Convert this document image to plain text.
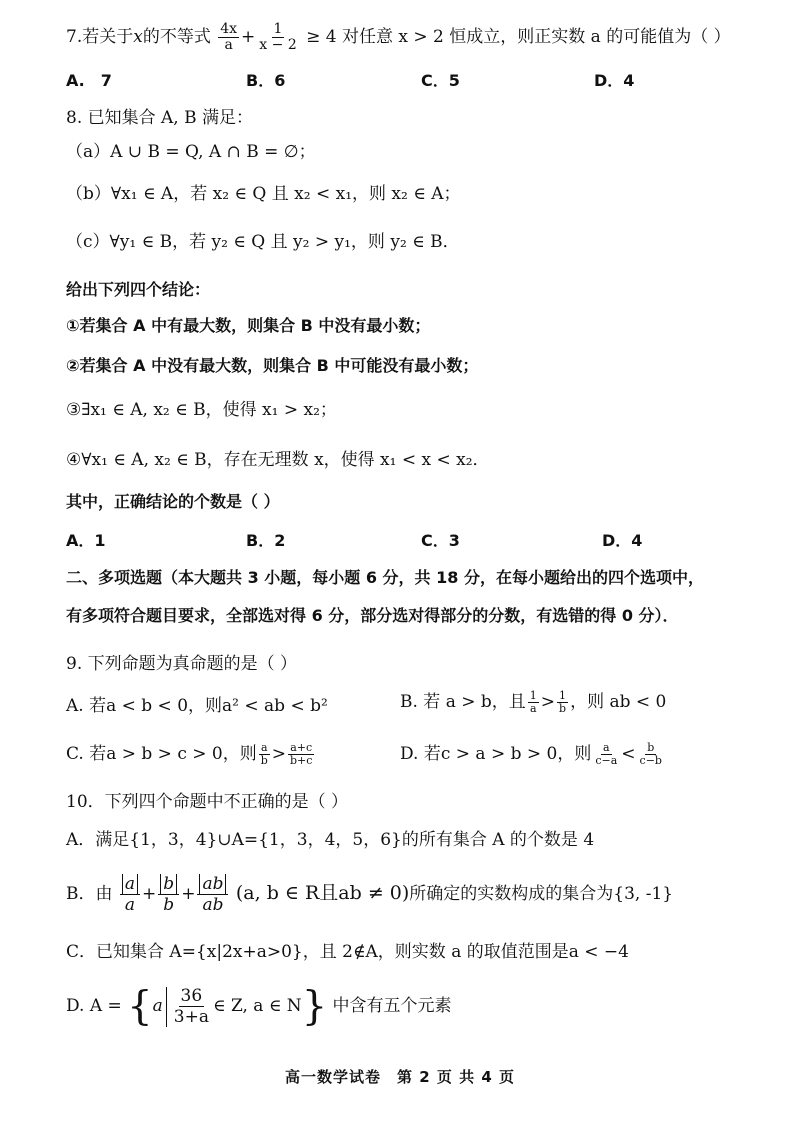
7.若关于x的不等式 $\frac{4x}{a} + \frac{1}{x - 2} \ge 4$ 对任意 x > 2 恒成立，则正实数 a 的可能值为（ ）
A.　7	B．6	C．5	D．4
8. 已知集合 A, B 满足：
（a）A ∪ B = Q, A ∩ B = ∅；
（b）∀x₁ ∈ A，若 x₂ ∈ Q 且 x₂ < x₁，则 x₂ ∈ A；
（c）∀y₁ ∈ B，若 y₂ ∈ Q 且 y₂ > y₁，则 y₂ ∈ B．
给出下列四个结论：
①若集合 A 中有最大数，则集合 B 中没有最小数；
②若集合 A 中没有最大数，则集合 B 中可能没有最小数；
③∃x₁ ∈ A, x₂ ∈ B，使得 x₁ > x₂；
④∀x₁ ∈ A, x₂ ∈ B，存在无理数 x，使得 x₁ < x < x₂．
其中，正确结论的个数是（ ）
A．1	B．2	C．3	D．4
二、多项选题（本大题共 3 小题，每小题 6 分，共 18 分，在每小题给出的四个选项中，
有多项符合题目要求，全部选对得 6 分，部分选对得部分的分数，有选错的得 0 分）．
9. 下列命题为真命题的是（ ）
A. 若a < b < 0，则a² < ab < b²	B. 若 a > b，且 $\frac{1}{a} > \frac{1}{b}$ ，则 ab < 0
C. 若a > b > c > 0，则 $\frac{a}{b} > \frac{a+c}{b+c}$	D. 若c > a > b > 0，则 $\frac{a}{c-a} < \frac{b}{c-b}$
10．下列四个命题中不正确的是（ ）
A．满足{1，3，4}∪A={1，3，4，5，6}的所有集合 A 的个数是 4
B．由 $\frac{a}{a} + \frac{b}{b} + \frac{ab}{ab} (a$, b ∈ R且ab ≠ 0)所确定的实数构成的集合为{3, -1}
C．已知集合 A={x|2x+a>0}，且 2∉A，则实数 a 的取值范围是a < −4
D. $A = \{a \frac{36}{3+a}$ ∈ Z, a ∈ N} 中含有五个元素
高一数学试卷　第 2 页 共 4 页
